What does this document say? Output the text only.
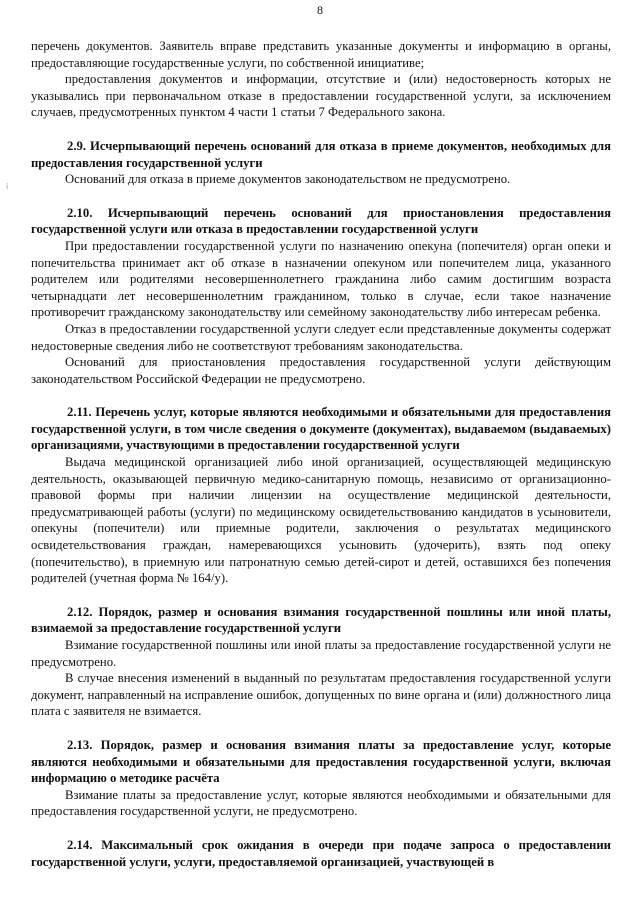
8
ⅰ

перечень документов. Заявитель вправе представить указанные документы и информацию в органы, предоставляющие государственные услуги, по собственной инициативе;

предоставления документов и информации, отсутствие и (или) недостоверность которых не указывались при первоначальном отказе в предоставлении государственной услуги, за исключением случаев, предусмотренных пунктом 4 части 1 статьи 7 Федерального закона.

2.9. Исчерпывающий перечень оснований для отказа в приеме документов, необходимых для предоставления государственной услуги

Оснований для отказа в приеме документов законодательством не предусмотрено.

2.10. Исчерпывающий перечень оснований для приостановления предоставления государственной услуги или отказа в предоставлении государственной услуги

При предоставлении государственной услуги по назначению опекуна (попечителя) орган опеки и попечительства принимает акт об отказе в назначении опекуном или попечителем лица, указанного родителем или родителями несовершеннолетнего гражданина либо самим достигшим возраста четырнадцати лет несовершеннолетним гражданином, только в случае, если такое назначение противоречит гражданскому законодательству или семейному законодательству либо интересам ребенка.

Отказ в предоставлении государственной услуги следует если представленные документы содержат недостоверные сведения либо не соответствуют требованиям законодательства.

Оснований для приостановления предоставления государственной услуги действующим законодательством Российской Федерации не предусмотрено.

2.11. Перечень услуг, которые являются необходимыми и обязательными для предоставления государственной услуги, в том числе сведения о документе (документах), выдаваемом (выдаваемых) организациями, участвующими в предоставлении государственной услуги

Выдача медицинской организацией либо иной организацией, осуществляющей медицинскую деятельность, оказывающей первичную медико-санитарную помощь, независимо от организационно-правовой формы при наличии лицензии на осуществление медицинской деятельности, предусматривающей работы (услуги) по медицинскому освидетельствованию кандидатов в усыновители, опекуны (попечители) или приемные родители, заключения о результатах медицинского освидетельствования граждан, намеревающихся усыновить (удочерить), взять под опеку (попечительство), в приемную или патронатную семью детей-сирот и детей, оставшихся без попечения родителей (учетная форма № 164/у).

2.12. Порядок, размер и основания взимания государственной пошлины или иной платы, взимаемой за предоставление государственной услуги

Взимание государственной пошлины или иной платы за предоставление государственной услуги не предусмотрено.

В случае внесения изменений в выданный по результатам предоставления государственной услуги документ, направленный на исправление ошибок, допущенных по вине органа и (или) должностного лица плата с заявителя не взимается.

2.13. Порядок, размер и основания взимания платы за предоставление услуг, которые являются необходимыми и обязательными для предоставления государственной услуги, включая информацию о методике расчёта

Взимание платы за предоставление услуг, которые являются необходимыми и обязательными для предоставления государственной услуги, не предусмотрено.

2.14. Максимальный срок ожидания в очереди при подаче запроса о предоставлении государственной услуги, услуги, предоставляемой организацией, участвующей в
